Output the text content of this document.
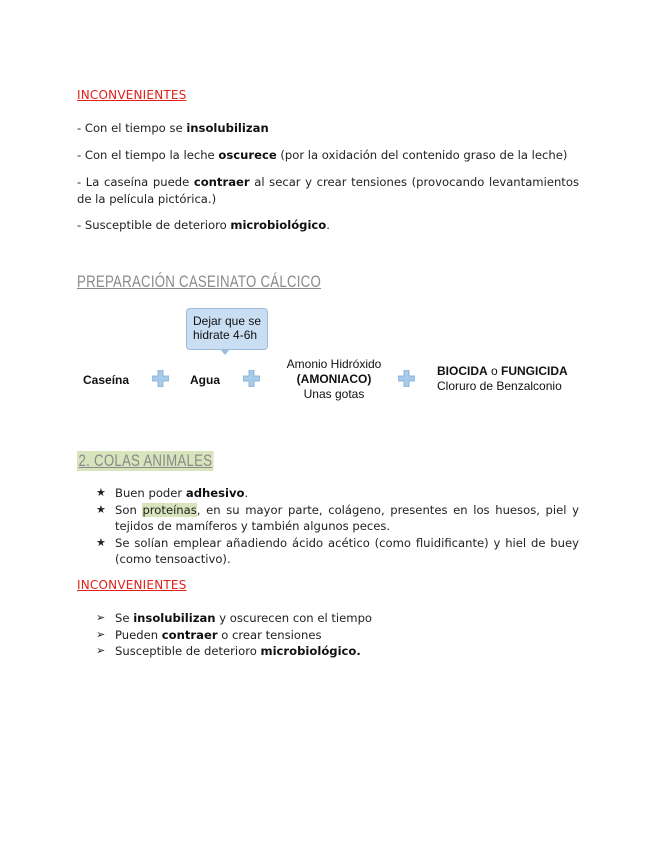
INCONVENIENTES
- Con el tiempo se insolubilizan
- Con el tiempo la leche oscurece (por la oxidación del contenido graso de la leche)
- La caseína puede contraer al secar y crear tensiones (provocando levantamientos de la película pictórica.)
- Susceptible de deterioro microbiológico.
PREPARACIÓN CASEINATO CÁLCICO
Caseína	Agua
Dejar que se
hidrate 4-6h
Amonio Hidróxido
(AMONIACO)
Unas gotas
BIOCIDA o FUNGICIDA
Cloruro de Benzalconio
2. COLAS ANIMALES
★ Buen poder adhesivo.
★ Son proteínas, en su mayor parte, colágeno, presentes en los huesos, piel y tejidos de mamíferos y también algunos peces.
★ Se solían emplear añadiendo ácido acético (como fluidificante) y hiel de buey (como tensoactivo).
INCONVENIENTES
➢ Se insolubilizan y oscurecen con el tiempo
➢ Pueden contraer o crear tensiones
➢ Susceptible de deterioro microbiológico.
